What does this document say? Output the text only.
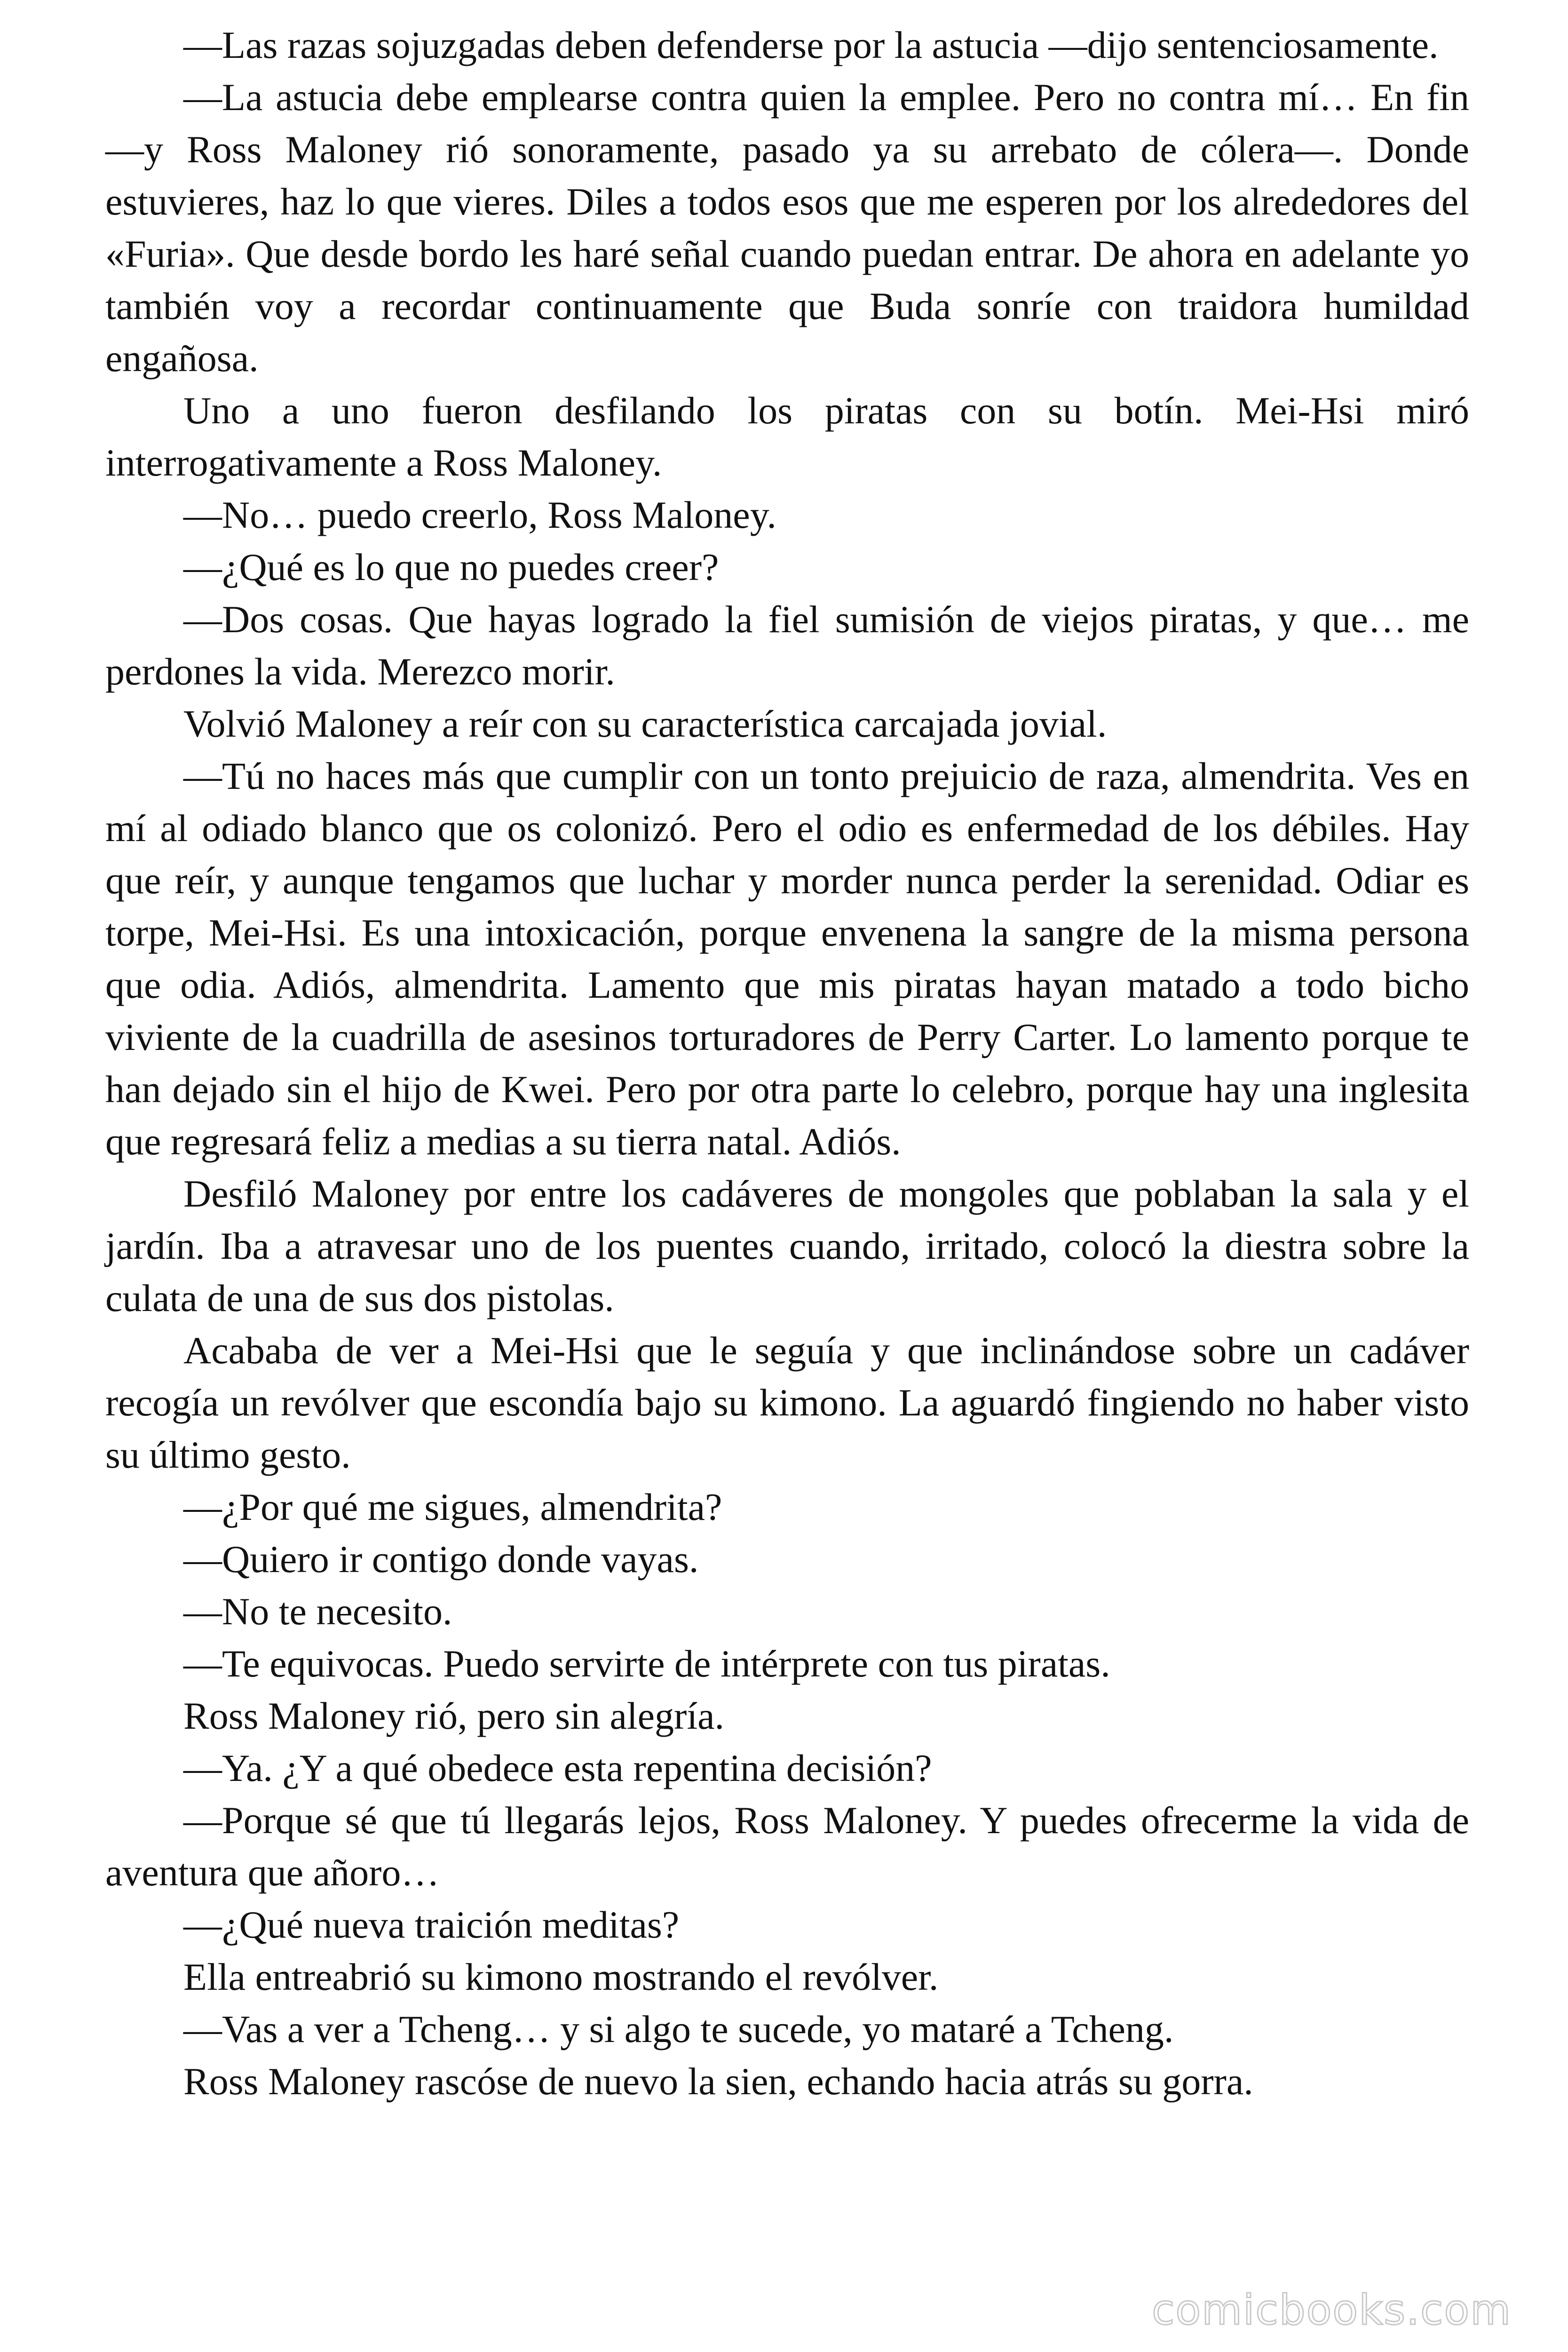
—Las razas sojuzgadas deben defenderse por la astucia —dijo sentenciosamente.

—La astucia debe emplearse contra quien la emplee. Pero no contra mí… En fin —y Ross Maloney rió sonoramente, pasado ya su arrebato de cólera—. Donde estuvieres, haz lo que vieres. Diles a todos esos que me esperen por los alrededores del «Furia». Que desde bordo les haré señal cuando puedan entrar. De ahora en adelante yo también voy a recordar continuamente que Buda sonríe con traidora humildad engañosa.

Uno a uno fueron desfilando los piratas con su botín. Mei-Hsi miró interrogativamente a Ross Maloney.

—No… puedo creerlo, Ross Maloney.

—¿Qué es lo que no puedes creer?

—Dos cosas. Que hayas logrado la fiel sumisión de viejos piratas, y que… me perdones la vida. Merezco morir.

Volvió Maloney a reír con su característica carcajada jovial.

—Tú no haces más que cumplir con un tonto prejuicio de raza, almendrita. Ves en mí al odiado blanco que os colonizó. Pero el odio es enfermedad de los débiles. Hay que reír, y aunque tengamos que luchar y morder nunca perder la serenidad. Odiar es torpe, Mei-Hsi. Es una intoxicación, porque envenena la sangre de la misma persona que odia. Adiós, almendrita. Lamento que mis piratas hayan matado a todo bicho viviente de la cuadrilla de asesinos torturadores de Perry Carter. Lo lamento porque te han dejado sin el hijo de Kwei. Pero por otra parte lo celebro, porque hay una inglesita que regresará feliz a medias a su tierra natal. Adiós.

Desfiló Maloney por entre los cadáveres de mongoles que poblaban la sala y el jardín. Iba a atravesar uno de los puentes cuando, irritado, colocó la diestra sobre la culata de una de sus dos pistolas.

Acababa de ver a Mei-Hsi que le seguía y que inclinándose sobre un cadáver recogía un revólver que escondía bajo su kimono. La aguardó fingiendo no haber visto su último gesto.

—¿Por qué me sigues, almendrita?

—Quiero ir contigo donde vayas.

—No te necesito.

—Te equivocas. Puedo servirte de intérprete con tus piratas.

Ross Maloney rió, pero sin alegría.

—Ya. ¿Y a qué obedece esta repentina decisión?

—Porque sé que tú llegarás lejos, Ross Maloney. Y puedes ofrecerme la vida de aventura que añoro…

—¿Qué nueva traición meditas?

Ella entreabrió su kimono mostrando el revólver.

—Vas a ver a Tcheng… y si algo te sucede, yo mataré a Tcheng.

Ross Maloney rascóse de nuevo la sien, echando hacia atrás su gorra.

comicbooks.com
